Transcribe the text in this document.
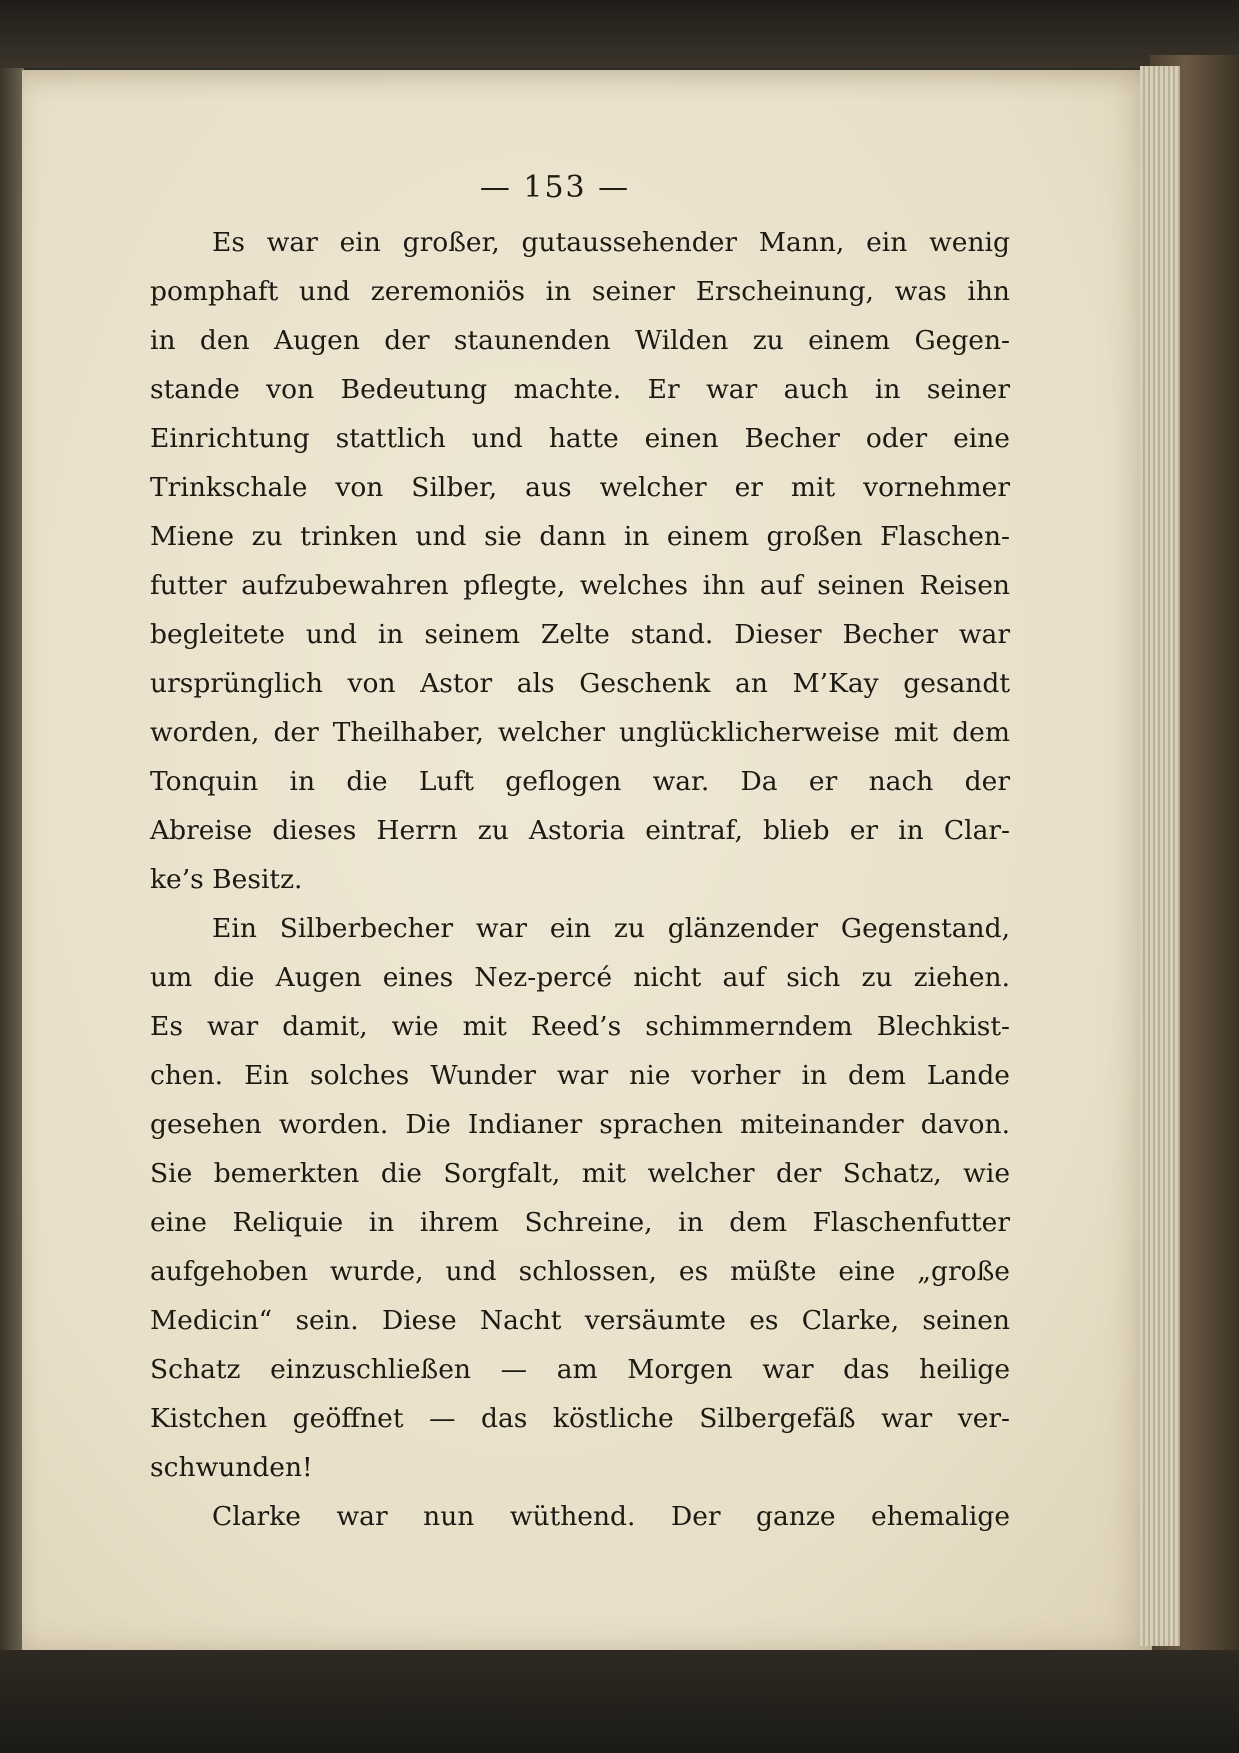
— 153 —
Es war ein großer, gutaussehender Mann, ein wenig
pomphaft und zeremoniös in seiner Erscheinung, was ihn
in den Augen der staunenden Wilden zu einem Gegen-
stande von Bedeutung machte. Er war auch in seiner
Einrichtung stattlich und hatte einen Becher oder eine
Trinkschale von Silber, aus welcher er mit vornehmer
Miene zu trinken und sie dann in einem großen Flaschen-
futter aufzubewahren pflegte, welches ihn auf seinen Reisen
begleitete und in seinem Zelte stand. Dieser Becher war
ursprünglich von Astor als Geschenk an M’Kay gesandt
worden, der Theilhaber, welcher unglücklicherweise mit dem
Tonquin in die Luft geflogen war. Da er nach der
Abreise dieses Herrn zu Astoria eintraf, blieb er in Clar-
ke’s Besitz.
Ein Silberbecher war ein zu glänzender Gegenstand,
um die Augen eines Nez-percé nicht auf sich zu ziehen.
Es war damit, wie mit Reed’s schimmerndem Blechkist-
chen. Ein solches Wunder war nie vorher in dem Lande
gesehen worden. Die Indianer sprachen miteinander davon.
Sie bemerkten die Sorgfalt, mit welcher der Schatz, wie
eine Reliquie in ihrem Schreine, in dem Flaschenfutter
aufgehoben wurde, und schlossen, es müßte eine „große
Medicin“ sein. Diese Nacht versäumte es Clarke, seinen
Schatz einzuschließen — am Morgen war das heilige
Kistchen geöffnet — das köstliche Silbergefäß war ver-
schwunden!
Clarke war nun wüthend. Der ganze ehemalige
